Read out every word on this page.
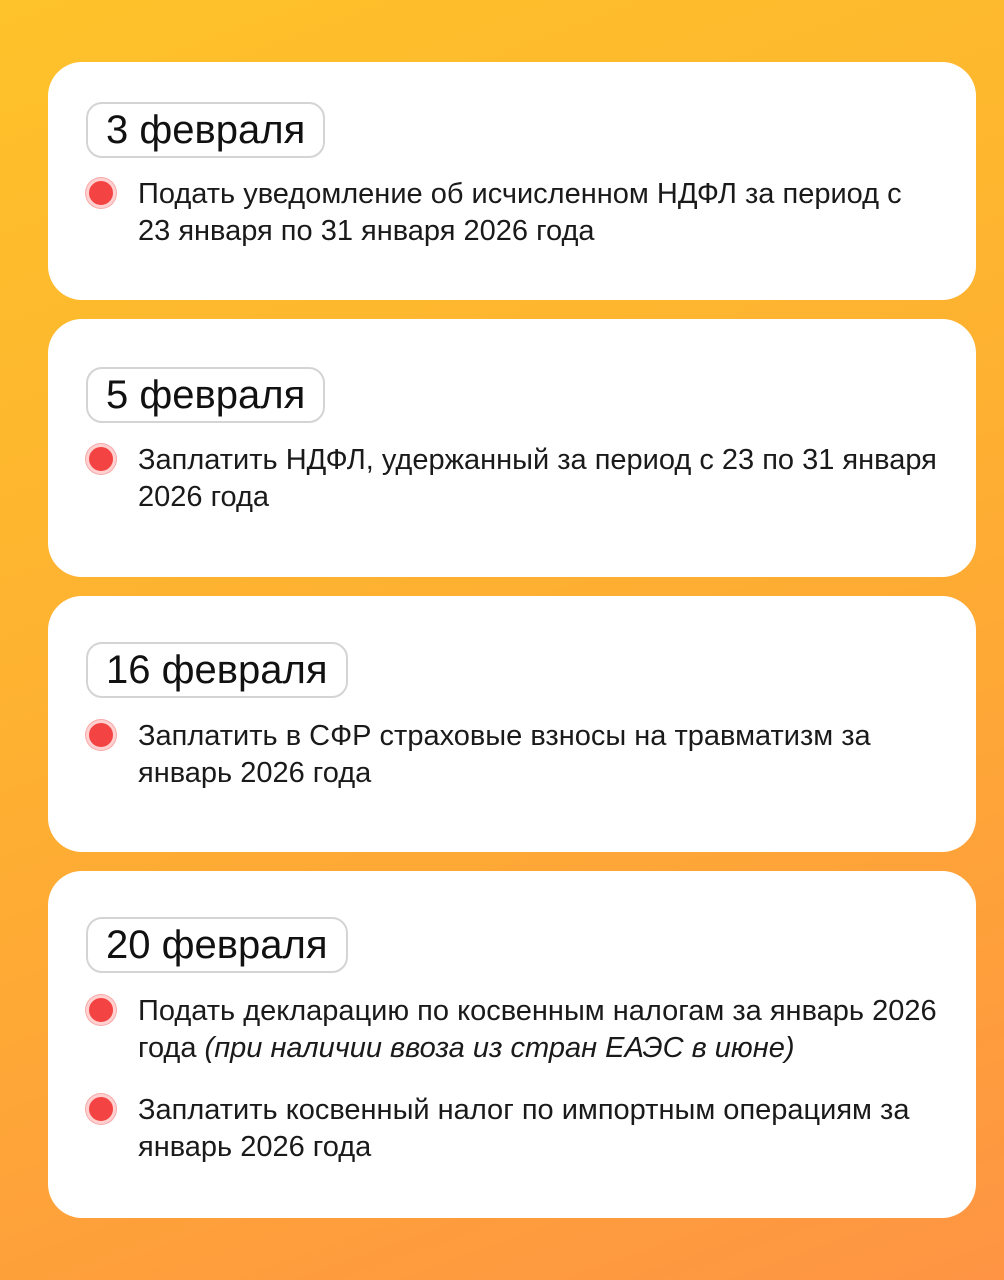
3 февраля
Подать уведомление об исчисленном НДФЛ за период с 23 января по 31 января 2026 года
5 февраля
Заплатить НДФЛ, удержанный за период с 23 по 31 января 2026 года
16 февраля
Заплатить в СФР страховые взносы на травматизм за январь 2026 года
20 февраля
Подать декларацию по косвенным налогам за январь 2026 года (при наличии ввоза из стран ЕАЭС в июне)
Заплатить косвенный налог по импортным операциям за январь 2026 года
